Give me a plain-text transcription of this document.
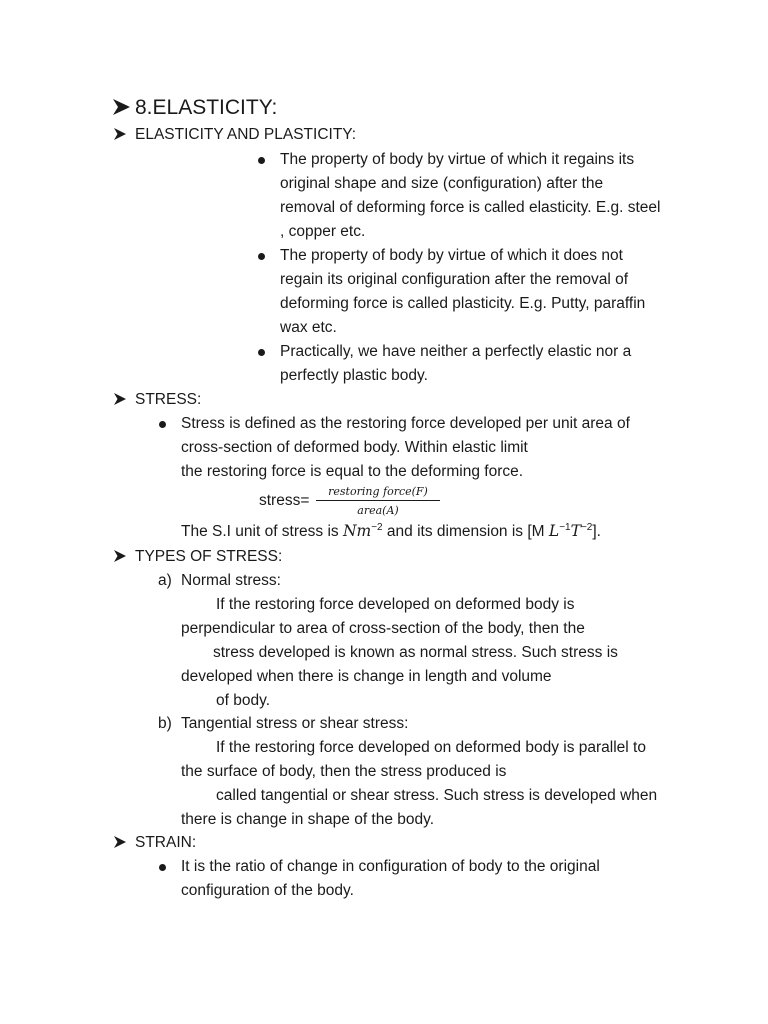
8.ELASTICITY:
ELASTICITY AND PLASTICITY:
The property of body by virtue of which it regains its
original shape and size (configuration) after the
removal of deforming force is called elasticity. E.g. steel
, copper etc.
The property of body by virtue of which it does not
regain its original configuration after the removal of
deforming force is called plasticity. E.g. Putty, paraffin
wax etc.
Practically, we have neither a perfectly elastic nor a
perfectly plastic body.
STRESS:
Stress is defined as the restoring force developed per unit area of
cross-section of deformed body. Within elastic limit
the restoring force is equal to the deforming force.
stress=
restoring force(F)
area(A)
The S.I unit of stress is $Nm^{-2}$ and its dimension is [M $L^{-1}T^{-2}$].
TYPES OF STRESS:
a) Normal stress:
If the restoring force developed on deformed body is
perpendicular to area of cross-section of the body, then the
stress developed is known as normal stress. Such stress is
developed when there is change in length and volume
of body.
b) Tangential stress or shear stress:
If the restoring force developed on deformed body is parallel to
the surface of body, then the stress produced is
called tangential or shear stress. Such stress is developed when
there is change in shape of the body.
STRAIN:
It is the ratio of change in configuration of body to the original
configuration of the body.
